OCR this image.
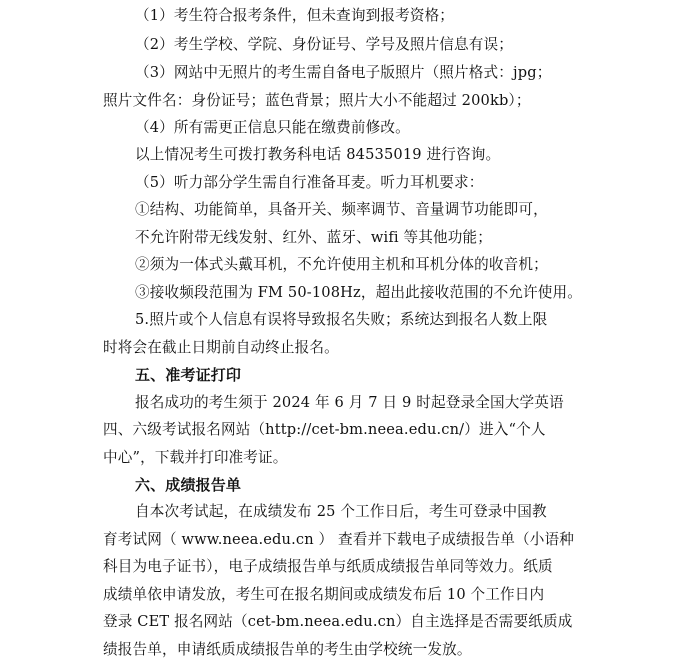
（1）考生符合报考条件，但未查询到报考资格；
（2）考生学校、学院、身份证号、学号及照片信息有误；
（3）网站中无照片的考生需自备电子版照片（照片格式：jpg；
照片文件名：身份证号；蓝色背景；照片大小不能超过 200kb）；
（4）所有需更正信息只能在缴费前修改。
以上情况考生可拨打教务科电话 84535019 进行咨询。
（5）听力部分学生需自行准备耳麦。听力耳机要求：
①结构、功能简单，具备开关、频率调节、音量调节功能即可，
不允许附带无线发射、红外、蓝牙、wifi 等其他功能；
②须为一体式头戴耳机，不允许使用主机和耳机分体的收音机；
③接收频段范围为 FM 50-108Hz，超出此接收范围的不允许使用。
5.照片或个人信息有误将导致报名失败；系统达到报名人数上限
时将会在截止日期前自动终止报名。
五、准考证打印
报名成功的考生须于 2024 年 6 月 7 日 9 时起登录全国大学英语
四、六级考试报名网站（http://cet-bm.neea.edu.cn/）进入“个人
中心”，下载并打印准考证。
六、成绩报告单
自本次考试起，在成绩发布 25 个工作日后，考生可登录中国教
育考试网（ www.neea.edu.cn ） 查看并下载电子成绩报告单（小语种
科目为电子证书），电子成绩报告单与纸质成绩报告单同等效力。纸质
成绩单依申请发放，考生可在报名期间或成绩发布后 10 个工作日内
登录 CET 报名网站（cet-bm.neea.edu.cn）自主选择是否需要纸质成
绩报告单，申请纸质成绩报告单的考生由学校统一发放。
